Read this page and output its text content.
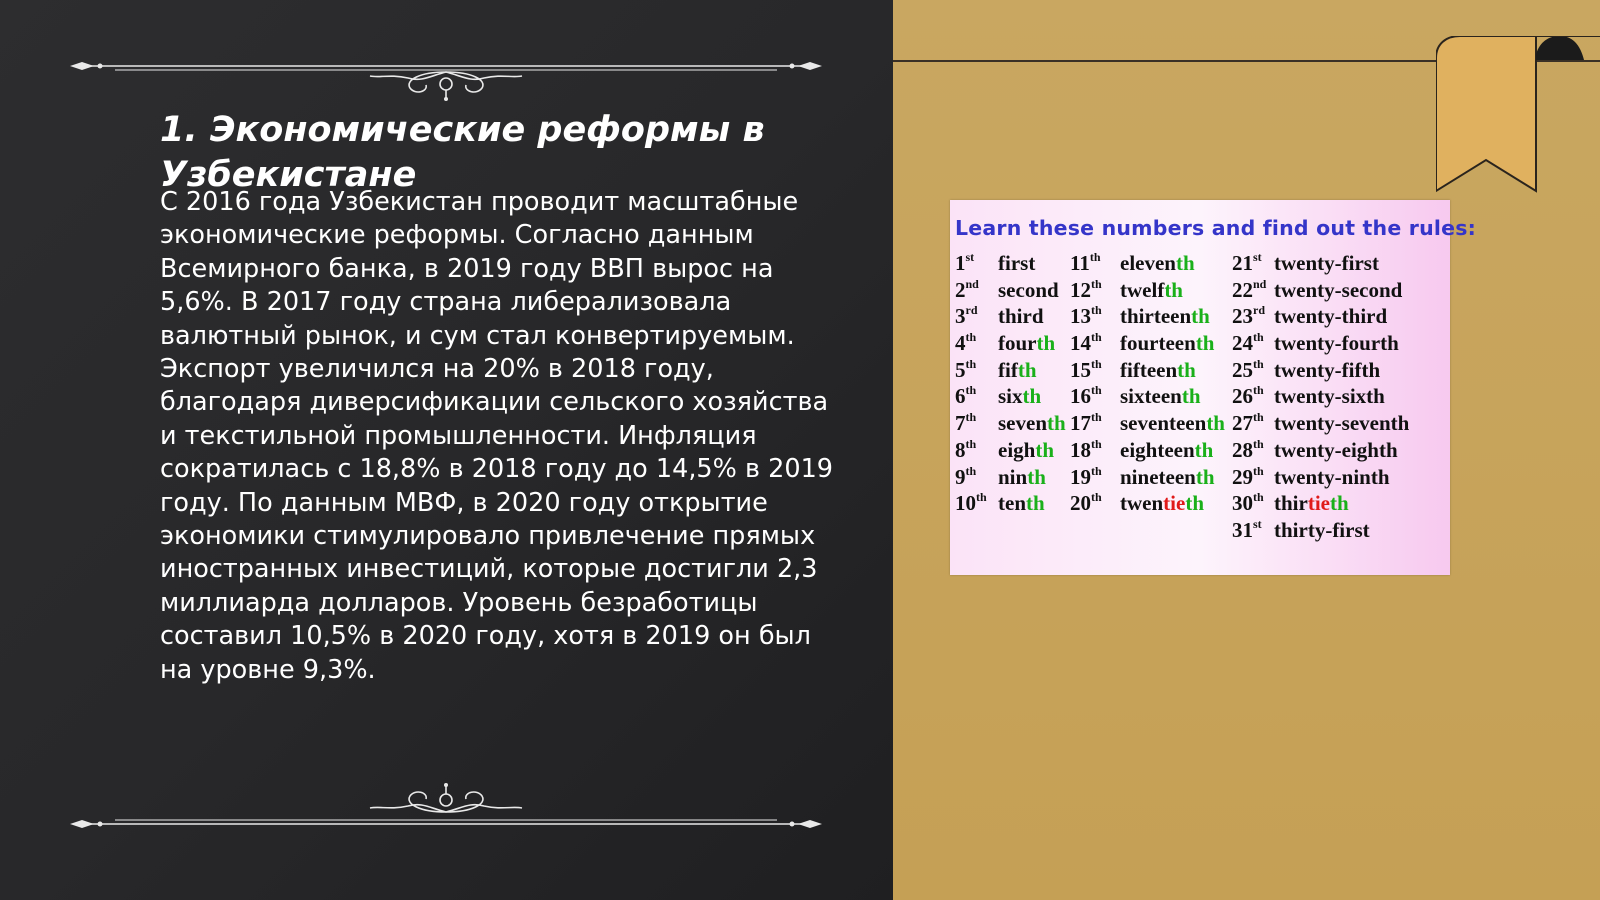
1. Экономические реформы в Узбекистане

С 2016 года Узбекистан проводит масштабные экономические реформы. Согласно данным Всемирного банка, в 2019 году ВВП вырос на 5,6%. В 2017 году страна либерализовала валютный рынок, и сум стал конвертируемым. Экспорт увеличился на 20% в 2018 году, благодаря диверсификации сельского хозяйства и текстильной промышленности. Инфляция сократилась с 18,8% в 2018 году до 14,5% в 2019 году. По данным МВФ, в 2020 году открытие экономики стимулировало привлечение прямых иностранных инвестиций, которые достигли 2,3 миллиарда долларов. Уровень безработицы составил 10,5% в 2020 году, хотя в 2019 он был на уровне 9,3%.

Learn these numbers and find out the rules:

1st first
2nd second
3rd third
4th fourth
5th fifth
6th sixth
7th seventh
8th eighth
9th ninth
10th tenth
11th eleventh
12th twelfth
13th thirteenth
14th fourteenth
15th fifteenth
16th sixteenth
17th seventeenth
18th eighteenth
19th nineteenth
20th twentieth
21st twenty-first
22nd twenty-second
23rd twenty-third
24th twenty-fourth
25th twenty-fifth
26th twenty-sixth
27th twenty-seventh
28th twenty-eighth
29th twenty-ninth
30th thirtieth
31st thirty-first
